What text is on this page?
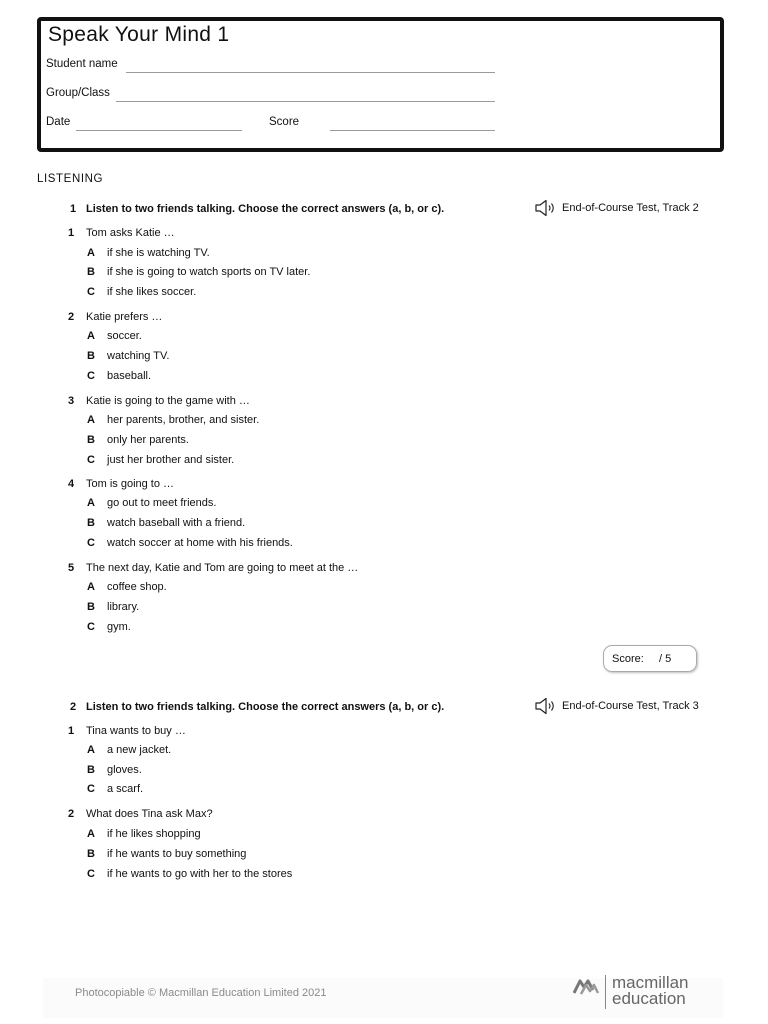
Speak Your Mind 1
Student name
Group/Class
Date	Score
LISTENING
1 Listen to two friends talking. Choose the correct answers (a, b, or c).	End-of-Course Test, Track 2
1 Tom asks Katie …
A if she is watching TV.
B if she is going to watch sports on TV later.
C if she likes soccer.
2 Katie prefers …
A soccer.
B watching TV.
C baseball.
3 Katie is going to the game with …
A her parents, brother, and sister.
B only her parents.
C just her brother and sister.
4 Tom is going to …
A go out to meet friends.
B watch baseball with a friend.
C watch soccer at home with his friends.
5 The next day, Katie and Tom are going to meet at the …
A coffee shop.
B library.
C gym.
Score: / 5
2 Listen to two friends talking. Choose the correct answers (a, b, or c).	End-of-Course Test, Track 3
1 Tina wants to buy …
A a new jacket.
B gloves.
C a scarf.
2 What does Tina ask Max?
A if he likes shopping
B if he wants to buy something
C if he wants to go with her to the stores
Photocopiable © Macmillan Education Limited 2021
macmillan
education
